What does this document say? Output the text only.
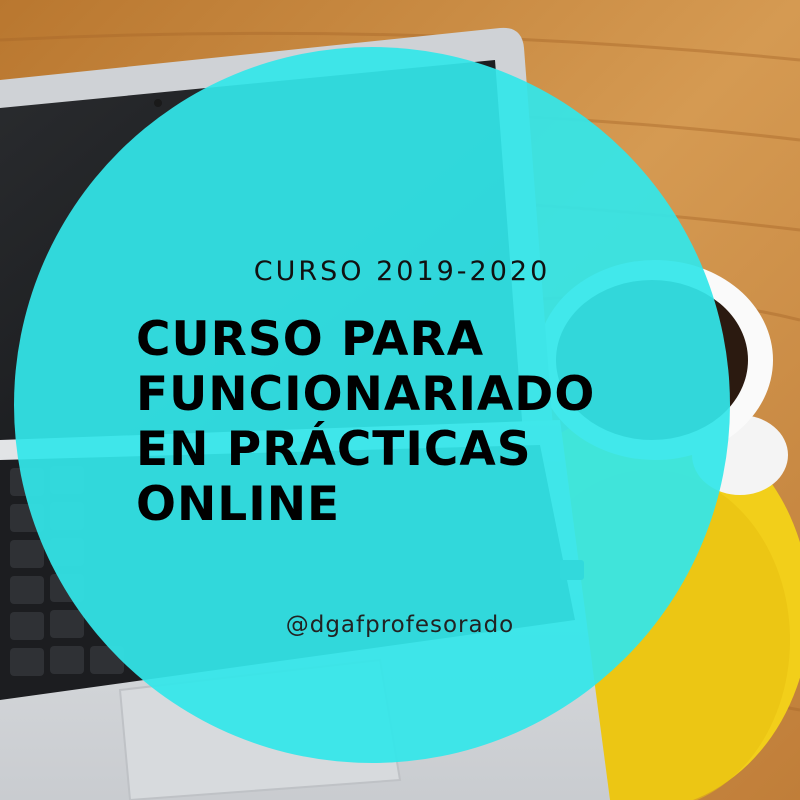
CURSO 2019-2020

CURSO PARA
FUNCIONARIADO
EN PRÁCTICAS
ONLINE

@dgafprofesorado
